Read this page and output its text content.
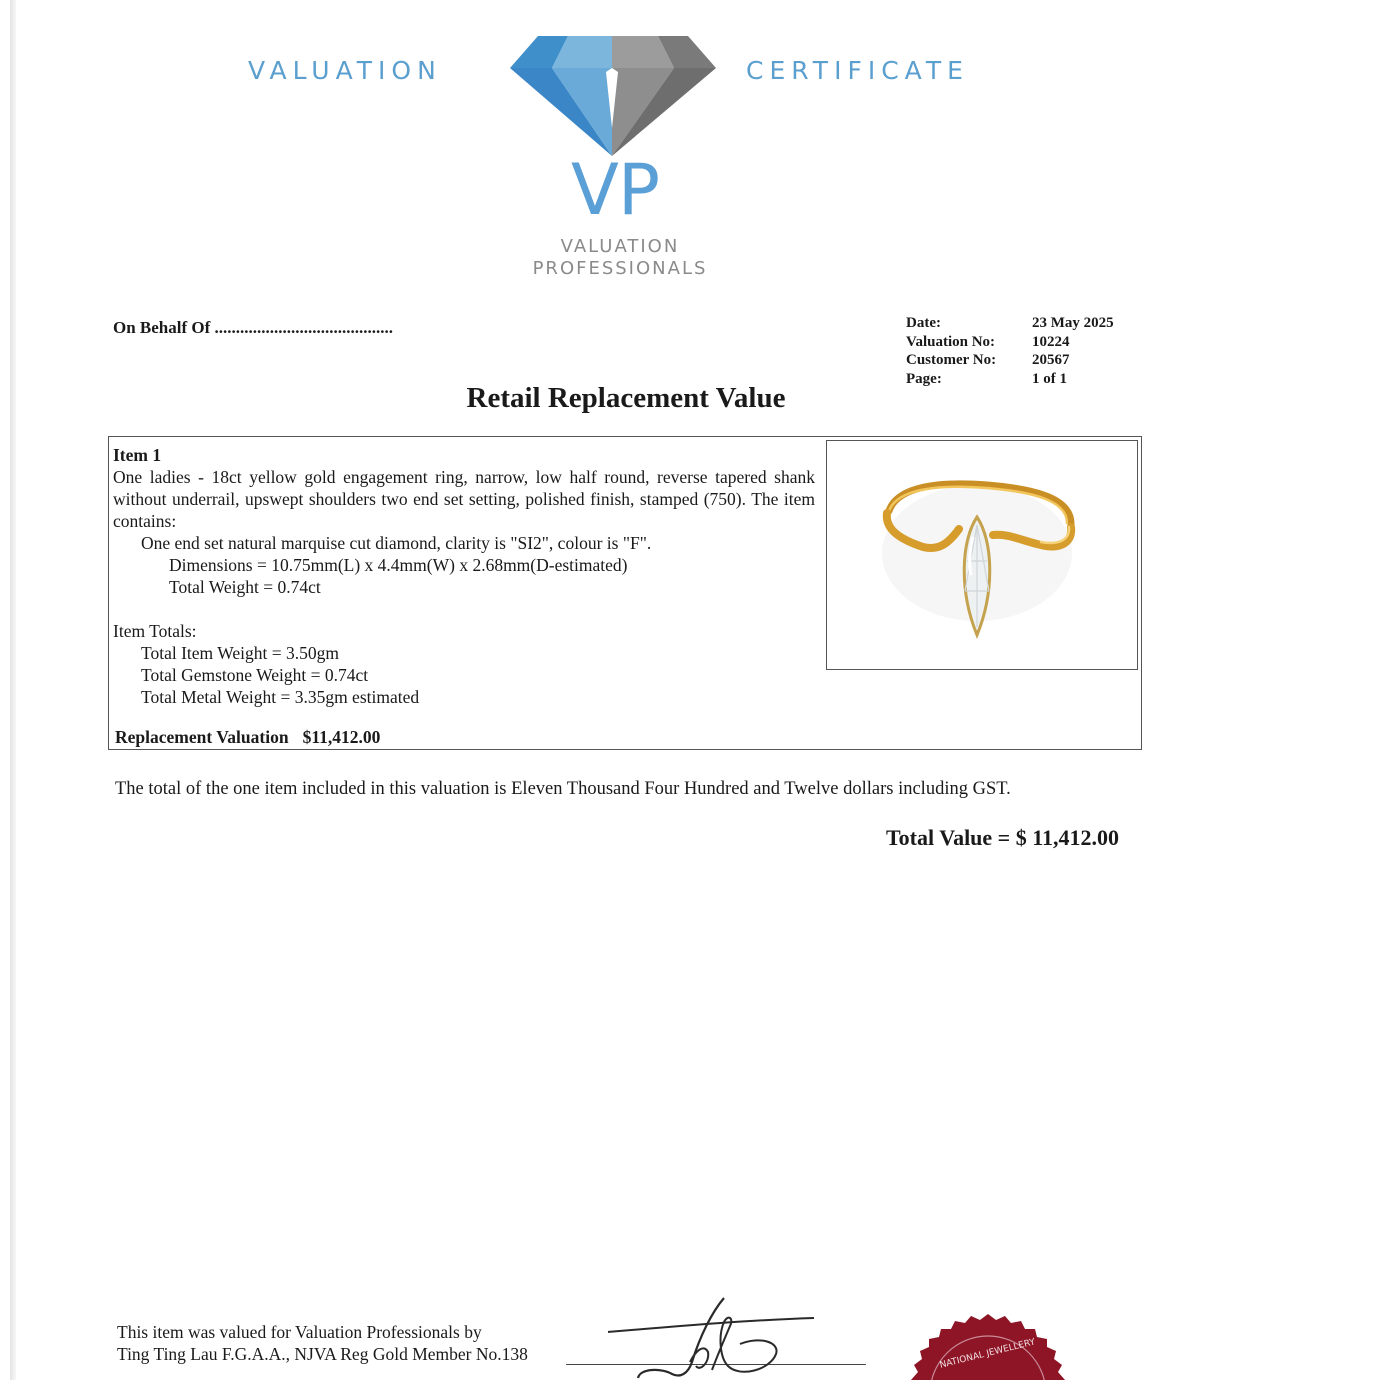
VALUATION	CERTIFICATE
VP
VALUATION
PROFESSIONALS
On Behalf Of ..........................................	Date:	23 May 2025
Valuation No:	10224
Customer No:	20567
Page:	1 of 1
Retail Replacement Value
Item 1
One ladies - 18ct yellow gold engagement ring, narrow, low half round, reverse tapered shank without underrail, upswept shoulders two end set setting, polished finish, stamped (750). The item contains:
One end set natural marquise cut diamond, clarity is "SI2", colour is "F".
Dimensions = 10.75mm(L) x 4.4mm(W) x 2.68mm(D-estimated)
Total Weight = 0.74ct
Item Totals:
Total Item Weight = 3.50gm
Total Gemstone Weight = 0.74ct
Total Metal Weight = 3.35gm estimated
Replacement Valuation $11,412.00
The total of the one item included in this valuation is Eleven Thousand Four Hundred and Twelve dollars including GST.
Total Value = $ 11,412.00
This item was valued for Valuation Professionals by
Ting Ting Lau F.G.A.A., NJVA Reg Gold Member No.138	NATIONAL JEWELLERY
